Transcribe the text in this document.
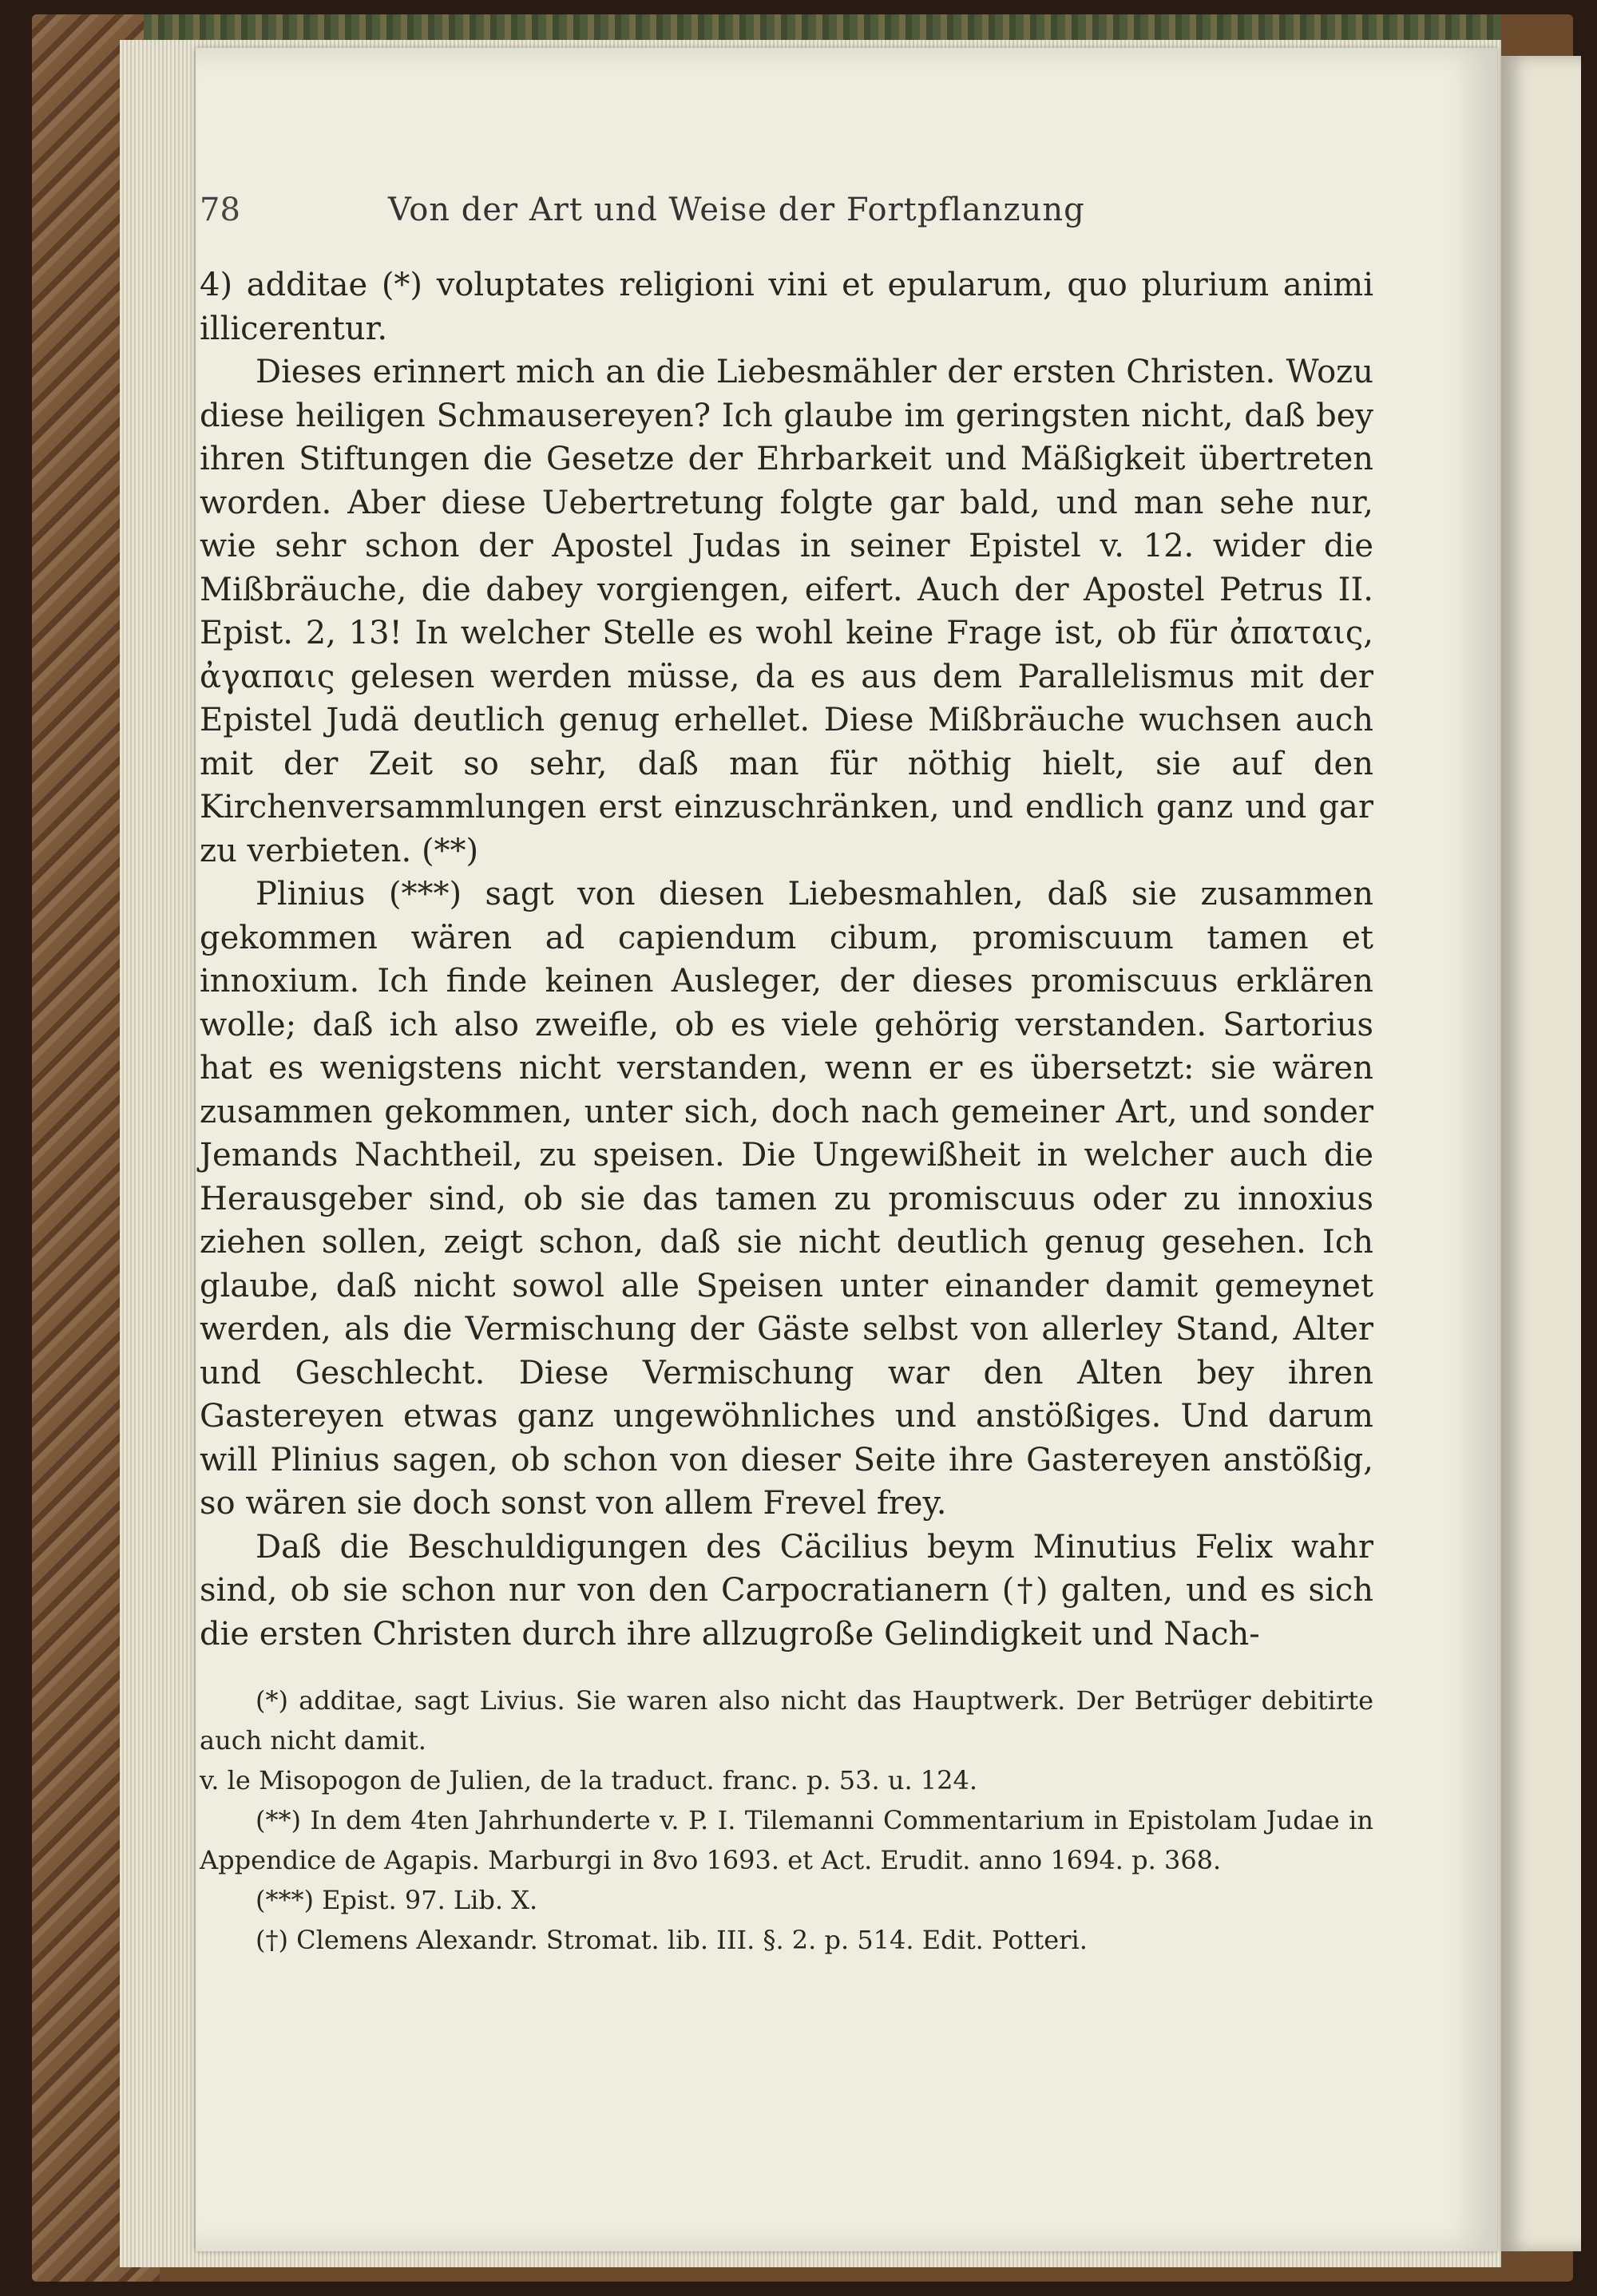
78	Von der Art und Weise der Fortpflanzung

4) additae (*) voluptates religioni vini et epularum, quo plurium animi illicerentur.

Dieses erinnert mich an die Liebesmähler der ersten Christen. Wozu diese heiligen Schmausereyen? Ich glaube im geringsten nicht, daß bey ihren Stiftungen die Gesetze der Ehrbarkeit und Mäßigkeit übertreten worden. Aber diese Uebertretung folgte gar bald, und man sehe nur, wie sehr schon der Apostel Judas in seiner Epistel v. 12. wider die Mißbräuche, die dabey vorgiengen, eifert. Auch der Apostel Petrus II. Epist. 2, 13! In welcher Stelle es wohl keine Frage ist, ob für ἀπαταις, ἀγαπαις gelesen werden müsse, da es aus dem Parallelismus mit der Epistel Judä deutlich genug erhellet. Diese Mißbräuche wuchsen auch mit der Zeit so sehr, daß man für nöthig hielt, sie auf den Kirchenversammlungen erst einzuschränken, und endlich ganz und gar zu verbieten. (**)

Plinius (***) sagt von diesen Liebesmahlen, daß sie zusammen gekommen wären ad capiendum cibum, promiscuum tamen et innoxium. Ich finde keinen Ausleger, der dieses promiscuus erklären wolle; daß ich also zweifle, ob es viele gehörig verstanden. Sartorius hat es wenigstens nicht verstanden, wenn er es übersetzt: sie wären zusammen gekommen, unter sich, doch nach gemeiner Art, und sonder Jemands Nachtheil, zu speisen. Die Ungewißheit in welcher auch die Herausgeber sind, ob sie das tamen zu promiscuus oder zu innoxius ziehen sollen, zeigt schon, daß sie nicht deutlich genug gesehen. Ich glaube, daß nicht sowol alle Speisen unter einander damit gemeynet werden, als die Vermischung der Gäste selbst von allerley Stand, Alter und Geschlecht. Diese Vermischung war den Alten bey ihren Gastereyen etwas ganz ungewöhnliches und anstößiges. Und darum will Plinius sagen, ob schon von dieser Seite ihre Gastereyen anstößig, so wären sie doch sonst von allem Frevel frey.

Daß die Beschuldigungen des Cäcilius beym Minutius Felix wahr sind, ob sie schon nur von den Carpocratianern (†) galten, und es sich die ersten Christen durch ihre allzugroße Gelindigkeit und Nach-

(*) additae, sagt Livius. Sie waren also nicht das Hauptwerk. Der Betrüger debitirte auch nicht damit.

v. le Misopogon de Julien, de la traduct. franc. p. 53. u. 124.

(**) In dem 4ten Jahrhunderte v. P. I. Tilemanni Commentarium in Epistolam Judae in Appendice de Agapis. Marburgi in 8vo 1693. et Act. Erudit. anno 1694. p. 368.

(***) Epist. 97. Lib. X.

(†) Clemens Alexandr. Stromat. lib. III. §. 2. p. 514. Edit. Potteri.
